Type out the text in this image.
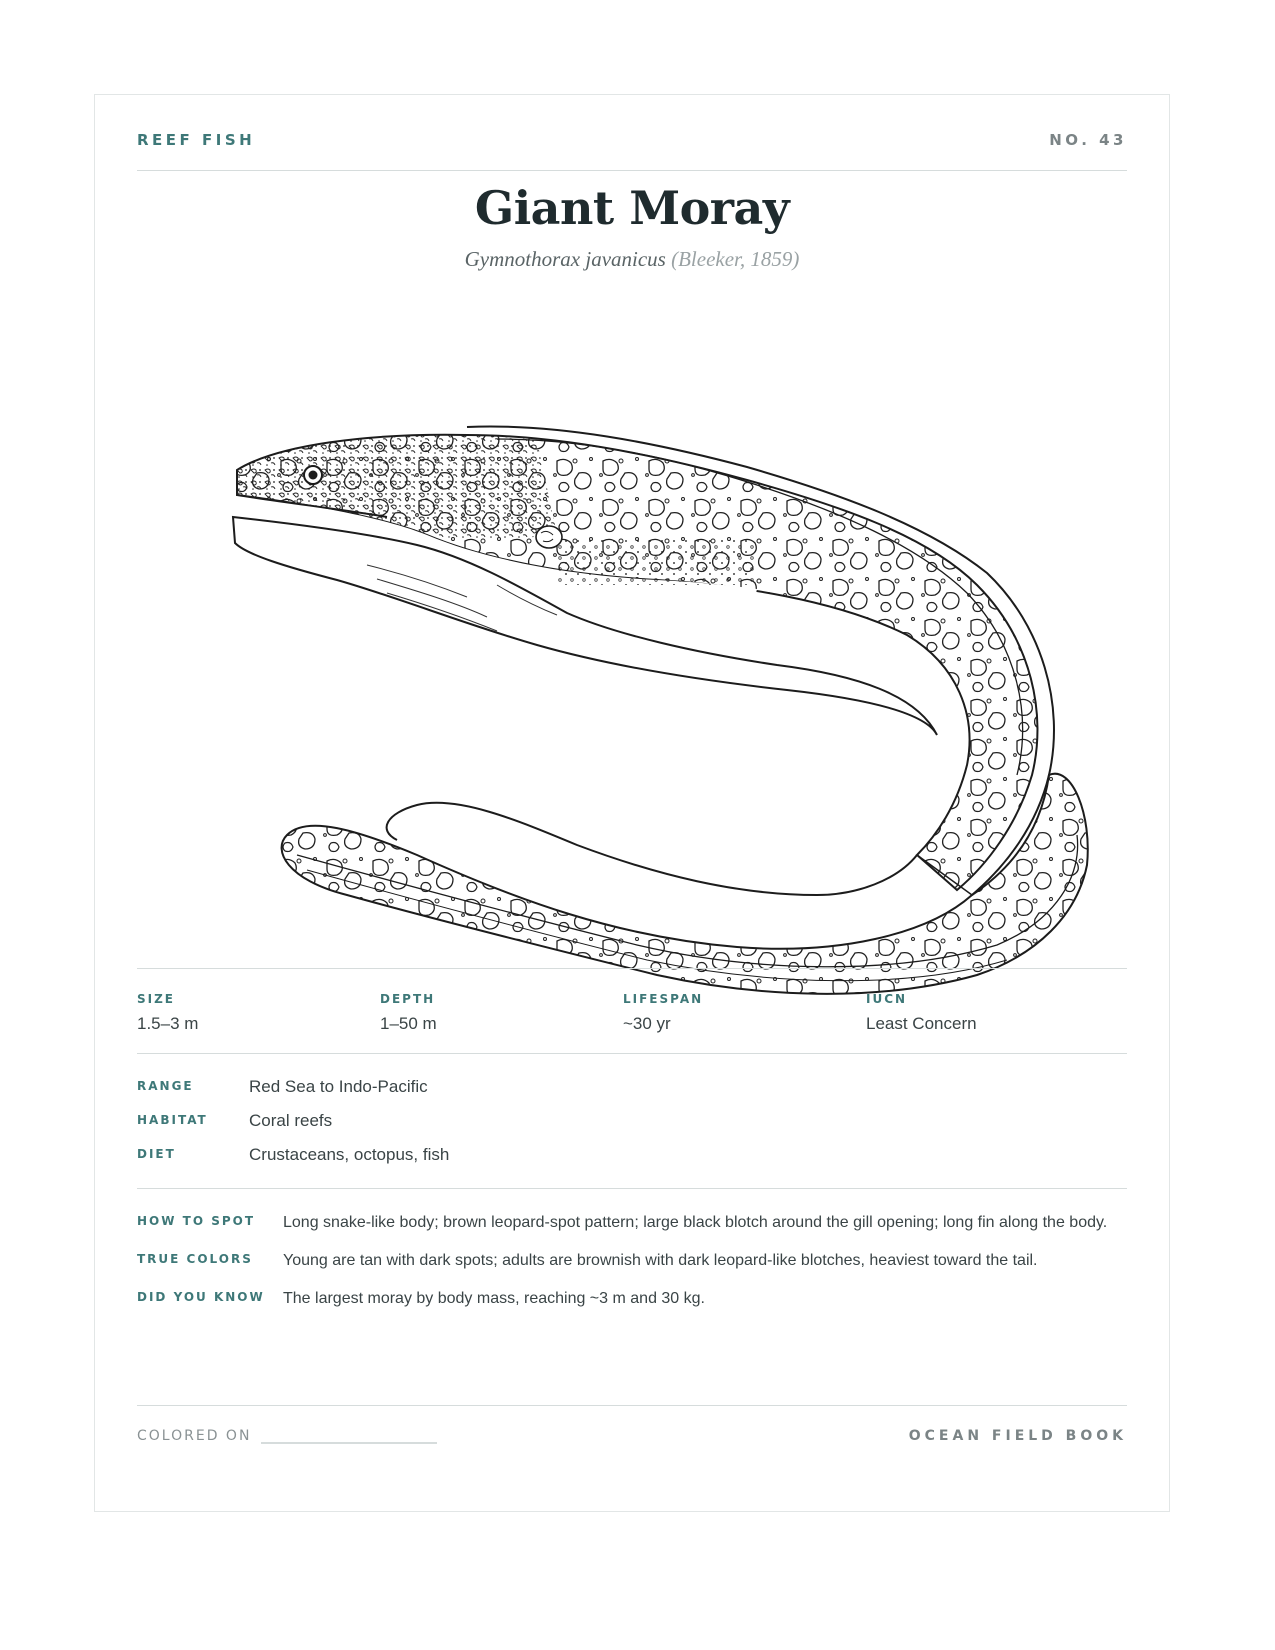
REEF FISH	NO. 43
Giant Moray
Gymnothorax javanicus (Bleeker, 1859)
SIZE
1.5–3 m
DEPTH
1–50 m
LIFESPAN
~30 yr
IUCN
Least Concern
RANGE	Red Sea to Indo-Pacific
HABITAT Coral reefs
DIET	Crustaceans, octopus, fish
HOW TO SPOT	Long snake-like body; brown leopard-spot pattern; large black blotch around the gill opening; long fin along the body.
TRUE COLORS	Young are tan with dark spots; adults are brownish with dark leopard-like blotches, heaviest toward the tail.
DID YOU KNOW	The largest moray by body mass, reaching ~3 m and 30 kg.
COLORED ON	OCEAN FIELD BOOK
